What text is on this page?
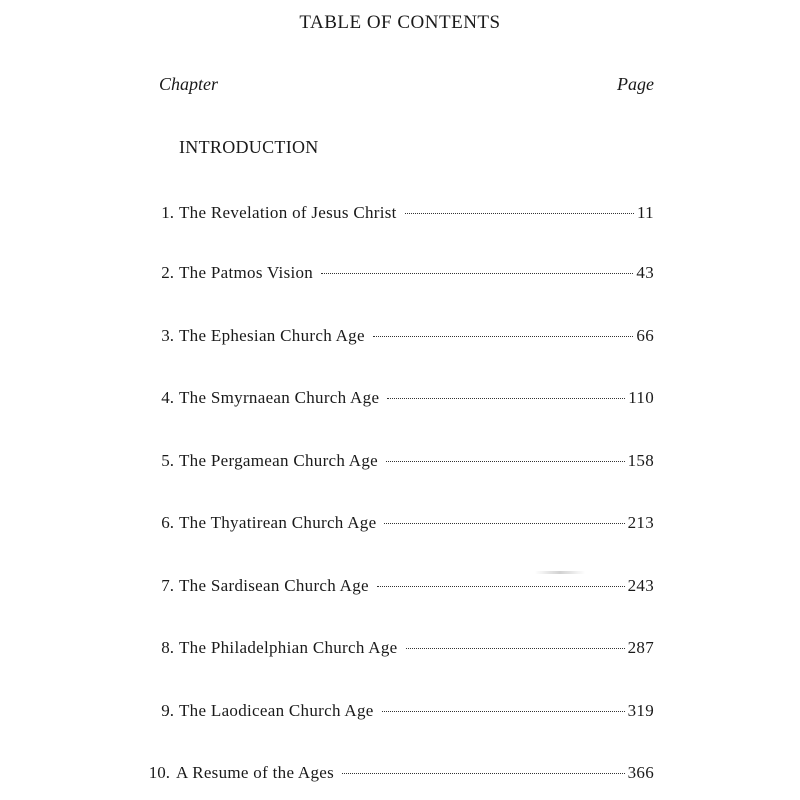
TABLE OF CONTENTS
Chapter	Page
INTRODUCTION
1. The Revelation of Jesus Christ	11
2. The Patmos Vision	43
3. The Ephesian Church Age	66
4. The Smyrnaean Church Age	110
5. The Pergamean Church Age	158
6. The Thyatirean Church Age	213
7. The Sardisean Church Age	243
8. The Philadelphian Church Age	287
9. The Laodicean Church Age	319
10. A Resume of the Ages	366
